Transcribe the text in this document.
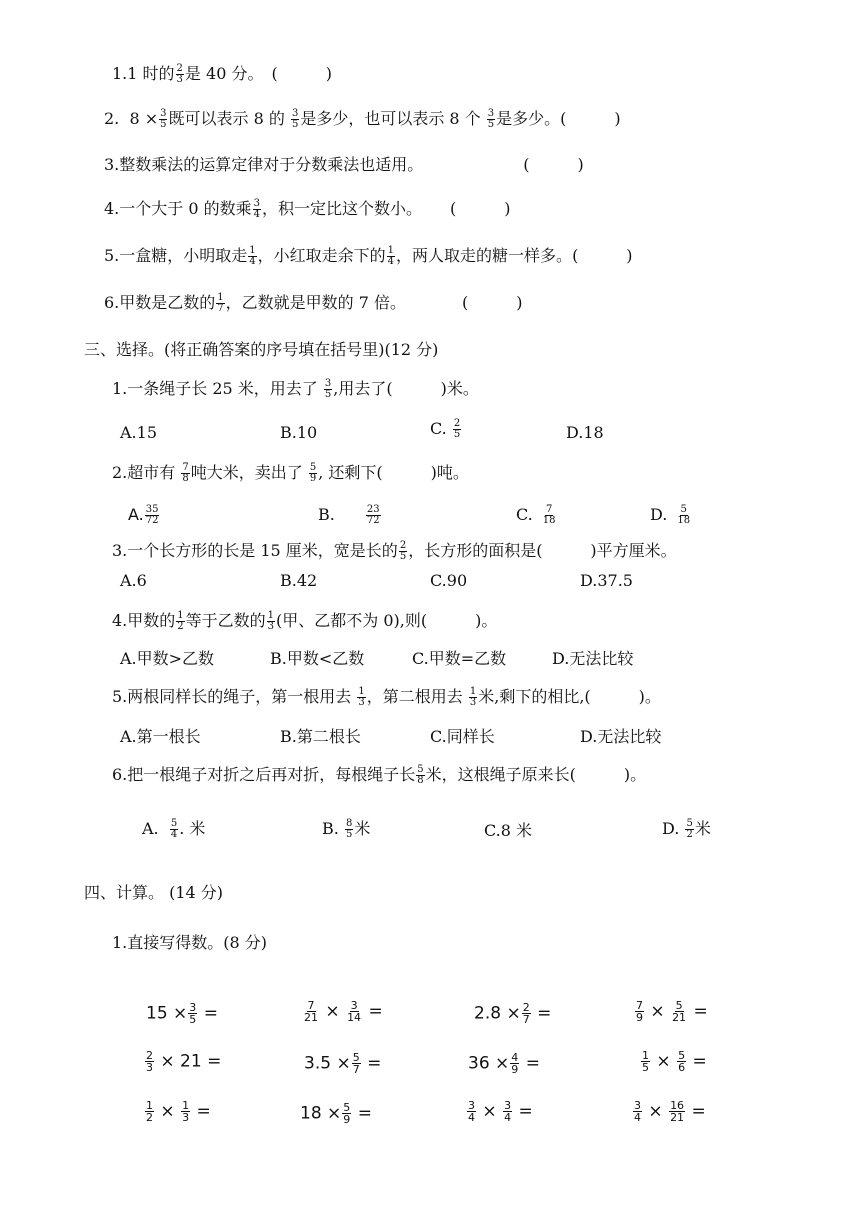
1.1 时的 $\frac{2}{3}$ 是 40 分。　 (　　　)
2. $8 \times \frac{3}{5}$ 既可以表示 8 的 $\frac{3}{5}$ 是多少，也可以表示 8 个 $\frac{3}{5}$ 是多少。(　　　)
3.整数乘法的运算定律对于分数乘法也适用。	(　　　)
4.一个大于 0 的数乘 $\frac{3}{4}$ ，积一定比这个数小。 (　　　)
5.一盒糖，小明取走 $\frac{1}{4}$ ，小红取走余下的 $\frac{1}{4}$ ，两人取走的糖一样多。(　　　)
6.甲数是乙数的 $\frac{1}{7}$ ，乙数就是甲数的 7 倍。	(　　　)
三、选择。(将正确答案的序号填在括号里)(12 分)
1.一条绳子长 25 米，用去了 $\frac{3}{5}$ ,用去了(　　　)米。
A.15	B.10	C. $\frac{2}{5}$	D.18
2.超市有 $\frac{7}{8}$ 吨大米，卖出了 $\frac{5}{9}$ , 还剩下(　　　)吨。
A. $\frac{35}{72}$	B.	$\frac{23}{72}$	C. $\frac{7}{18}$	D. $\frac{5}{18}$
3.一个长方形的长是 15 厘米，宽是长的 $\frac{2}{5}$ ，长方形的面积是(　　　)平方厘米。
A.6	B.42	C.90	D.37.5
4.甲数的 $\frac{1}{2}$ 等于乙数的 $\frac{1}{3}$ (甲、乙都不为 0),则(　　　)。
A.甲数>乙数	B.甲数<乙数	C.甲数=乙数	D.无法比较
5.两根同样长的绳子，第一根用去 $\frac{1}{3}$ ，第二根用去 $\frac{1}{3}$ 米,剩下的相比,(　　　)。
A.第一根长	B.第二根长	C.同样长	D.无法比较
6.把一根绳子对折之后再对折，每根绳子长 $\frac{5}{8}$ 米，这根绳子原来长(　　　)。
A. $\frac{5}{4}$ . 米	B. $\frac{8}{5}$ 米	C.8 米	D. $\frac{5}{2}$ 米
四、计算。 (14 分)
1.直接写得数。(8 分)
$15 \times \frac{3}{5}$ =	$\frac{7}{21} \times \frac{3}{14}$ =	$2.8 \times \frac{2}{7}$ =	$\frac{7}{9} \times \frac{5}{21}$ =
$\frac{2}{3} \times 21$ =	$3.5 \times \frac{5}{7}$ =	$36 \times \frac{4}{9}$ =	$\frac{1}{5} \times \frac{5}{6}$ =
$\frac{1}{2} \times \frac{1}{3}$ =	$18 \times \frac{5}{9}$ =	$\frac{3}{4} \times \frac{3}{4}$ =	$\frac{3}{4} \times \frac{16}{21}$ =
